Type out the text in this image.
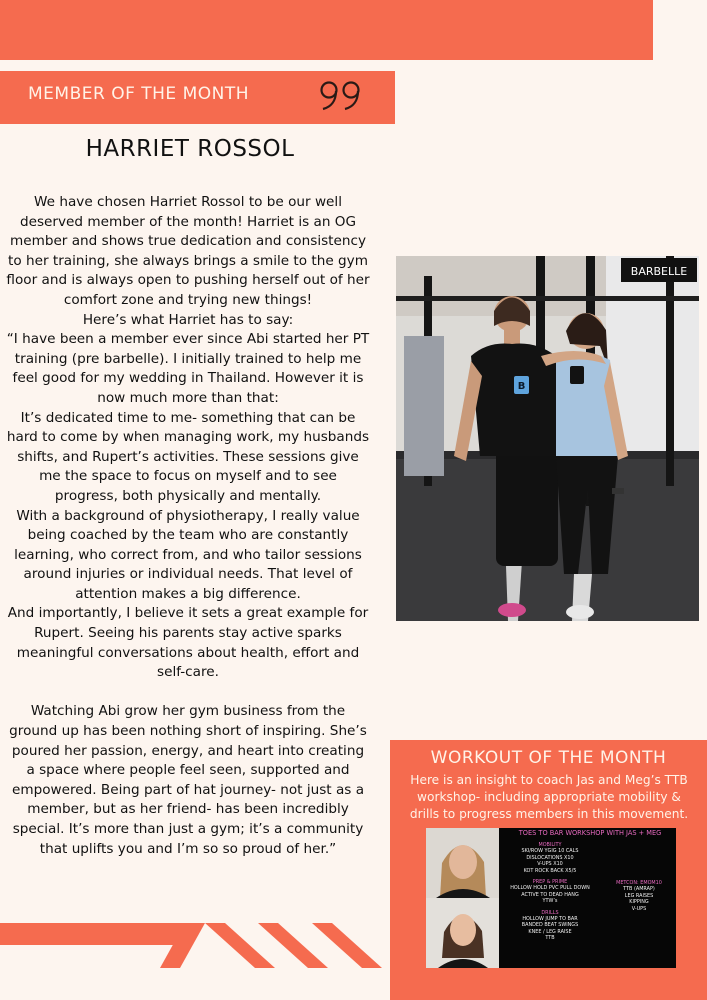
MEMBER OF THE MONTH
HARRIET ROSSOL

We have chosen Harriet Rossol to be our well deserved member of the month! Harriet is an OG member and shows true dedication and consistency to her training, she always brings a smile to the gym floor and is always open to pushing herself out of her comfort zone and trying new things!

Here’s what Harriet has to say:

“I have been a member ever since Abi started her PT training (pre barbelle). I initially trained to help me feel good for my wedding in Thailand. However it is now much more than that:

It’s dedicated time to me- something that can be hard to come by when managing work, my husbands shifts, and Rupert’s activities. These sessions give me the space to focus on myself and to see progress, both physically and mentally.

With a background of physiotherapy, I really value being coached by the team who are constantly learning, who correct from, and who tailor sessions around injuries or individual needs. That level of attention makes a big difference.

And importantly, I believe it sets a great example for Rupert. Seeing his parents stay active sparks meaningful conversations about health, effort and self-care.

Watching Abi grow her gym business from the ground up has been nothing short of inspiring. She’s poured her passion, energy, and heart into creating a space where people feel seen, supported and empowered. Being part of hat journey- not just as a member, but as her friend- has been incredibly special. It’s more than just a gym; it’s a community that uplifts you and I’m so so proud of her.”

BARBELLE
B
WORKOUT OF THE MONTH
Here is an insight to coach Jas and Meg’s TTB workshop- including appropriate mobility & drills to progress members in this movement.
TOES TO BAR WORKSHOP WITH JAS + MEG
MOBILITY
SKI/ROW YGIG 10 CALS
DISLOCATIONS X10
V-UPS X10
KOT ROCK BACK X5/5
PREP & PRIME
HOLLOW HOLD PVC PULL DOWN
ACTIVE TO DEAD HANG
YTW’s
DRILLS
HOLLOW JUMP TO BAR
BANDED BEAT SWINGS
KNEE / LEG RAISE
TTB
METCON: EMOM10
TTB (AMRAP)
LEG RAISES
KIPPING
V-UPS
